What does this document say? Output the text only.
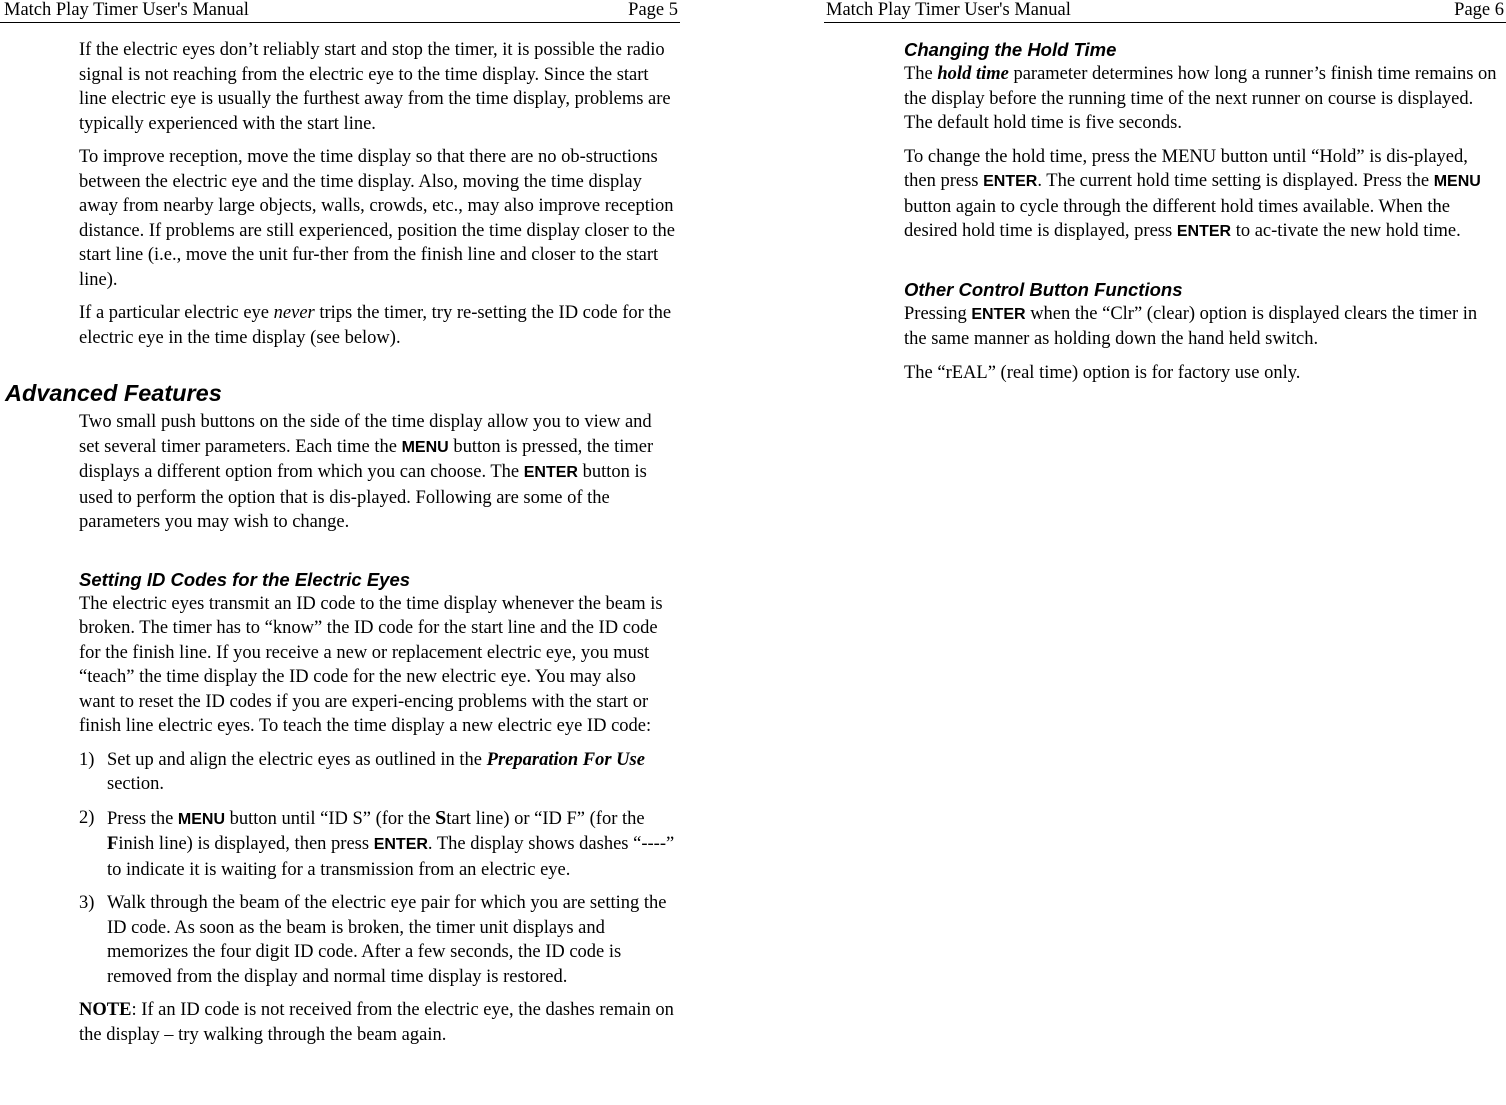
Match Play Timer User's Manual	Page 5

If the electric eyes don’t reliably start and stop the timer, it is possible the radio signal is not reaching from the electric eye to the time display. Since the start line electric eye is usually the furthest away from the time display, problems are typically experienced with the start line.

To improve reception, move the time display so that there are no ob-structions between the electric eye and the time display. Also, moving the time display away from nearby large objects, walls, crowds, etc., may also improve reception distance. If problems are still experienced, position the time display closer to the start line (i.e., move the unit fur-ther from the finish line and closer to the start line).

If a particular electric eye never trips the timer, try re-setting the ID code for the electric eye in the time display (see below).

Advanced Features

Two small push buttons on the side of the time display allow you to view and set several timer parameters. Each time the MENU button is pressed, the timer displays a different option from which you can choose. The ENTER button is used to perform the option that is dis-played. Following are some of the parameters you may wish to change.

Setting ID Codes for the Electric Eyes

The electric eyes transmit an ID code to the time display whenever the beam is broken. The timer has to “know” the ID code for the start line and the ID code for the finish line. If you receive a new or replacement electric eye, you must “teach” the time display the ID code for the new electric eye. You may also want to reset the ID codes if you are experi-encing problems with the start or finish line electric eyes. To teach the time display a new electric eye ID code:

1) Set up and align the electric eyes as outlined in the Preparation For Use section.
2) Press the MENU button until “ID S” (for the Start line) or “ID F” (for the Finish line) is displayed, then press ENTER. The display shows dashes “----” to indicate it is waiting for a transmission from an electric eye.
3) Walk through the beam of the electric eye pair for which you are setting the ID code. As soon as the beam is broken, the timer unit displays and memorizes the four digit ID code. After a few seconds, the ID code is removed from the display and normal time display is restored.

NOTE: If an ID code is not received from the electric eye, the dashes remain on the display – try walking through the beam again.

Match Play Timer User's Manual	Page 6
Changing the Hold Time

The hold time parameter determines how long a runner’s finish time remains on the display before the running time of the next runner on course is displayed. The default hold time is five seconds.

To change the hold time, press the MENU button until “Hold” is dis-played, then press ENTER. The current hold time setting is displayed. Press the MENU button again to cycle through the different hold times available. When the desired hold time is displayed, press ENTER to ac-tivate the new hold time.

Other Control Button Functions

Pressing ENTER when the “Clr” (clear) option is displayed clears the timer in the same manner as holding down the hand held switch.

The “rEAL” (real time) option is for factory use only.
